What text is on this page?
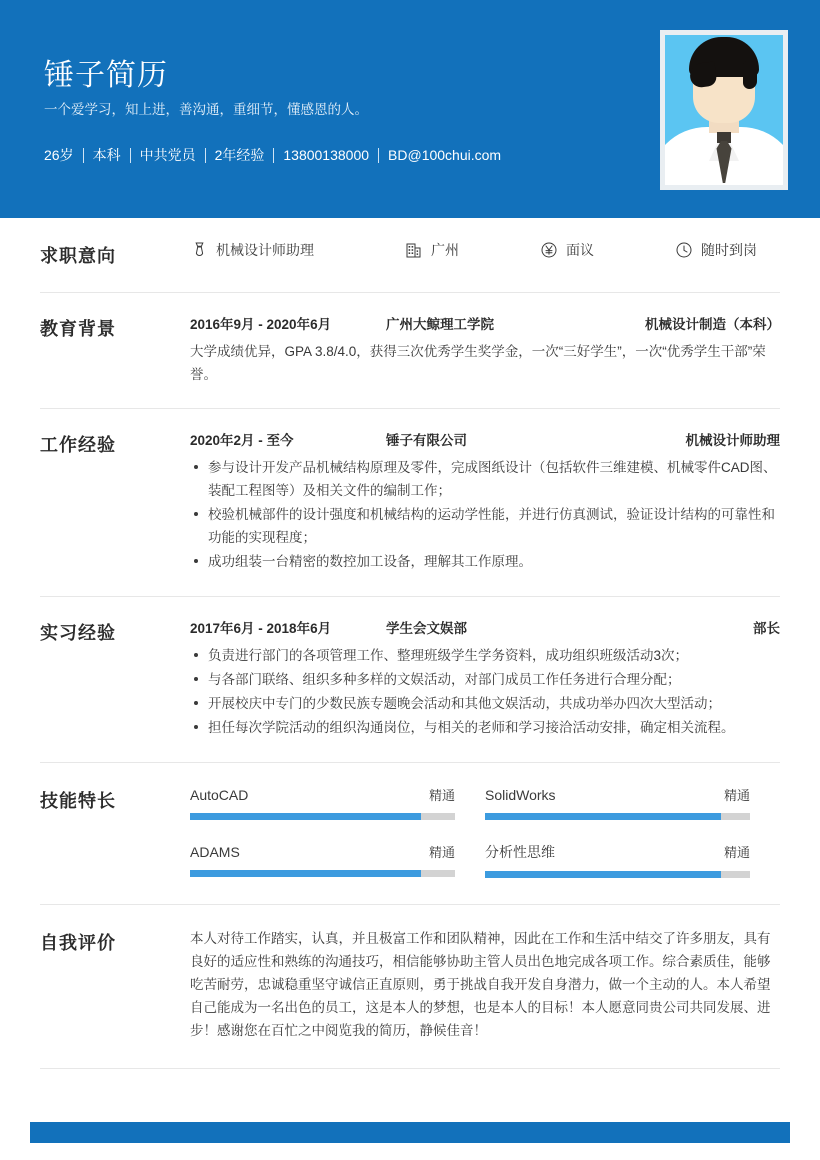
锤子简历
一个爱学习，知上进，善沟通，重细节，懂感恩的人。
26岁 本科 中共党员 2年经验 13800138000 BD@100chui.com
求职意向	机械设计师助理	广州	面议	随时到岗
教育背景	2016年9月 - 2020年6月	广州大鲸理工学院	机械设计制造（本科）

大学成绩优异，GPA 3.8/4.0，获得三次优秀学生奖学金，一次“三好学生”，一次“优秀学生干部”荣誉。

工作经验	2020年2月 - 至今	锤子有限公司	机械设计师助理
参与设计开发产品机械结构原理及零件，完成图纸设计（包括软件三维建模、机械零件CAD图、装配工程图等）及相关文件的编制工作；
校验机械部件的设计强度和机械结构的运动学性能，并进行仿真测试，验证设计结构的可靠性和功能的实现程度；
成功组装一台精密的数控加工设备，理解其工作原理。
实习经验	2017年6月 - 2018年6月	学生会文娱部	部长
负责进行部门的各项管理工作、整理班级学生学务资料，成功组织班级活动3次；
与各部门联络、组织多种多样的文娱活动，对部门成员工作任务进行合理分配；
开展校庆中专门的少数民族专题晚会活动和其他文娱活动，共成功举办四次大型活动；
担任每次学院活动的组织沟通岗位，与相关的老师和学习接洽活动安排，确定相关流程。
技能特长	AutoCAD	精通 SolidWorks	精通
ADAMS	精通 分析性思维	精通
自我评价	本人对待工作踏实，认真，并且极富工作和团队精神，因此在工作和生活中结交了许多朋友，具有良好的适应性和熟练的沟通技巧，相信能够协助主管人员出色地完成各项工作。综合素质佳，能够吃苦耐劳，忠诚稳重坚守诚信正直原则，勇于挑战自我开发自身潜力，做一个主动的人。本人希望自己能成为一名出色的员工，这是本人的梦想，也是本人的目标！本人愿意同贵公司共同发展、进步！感谢您在百忙之中阅览我的简历，静候佳音！
